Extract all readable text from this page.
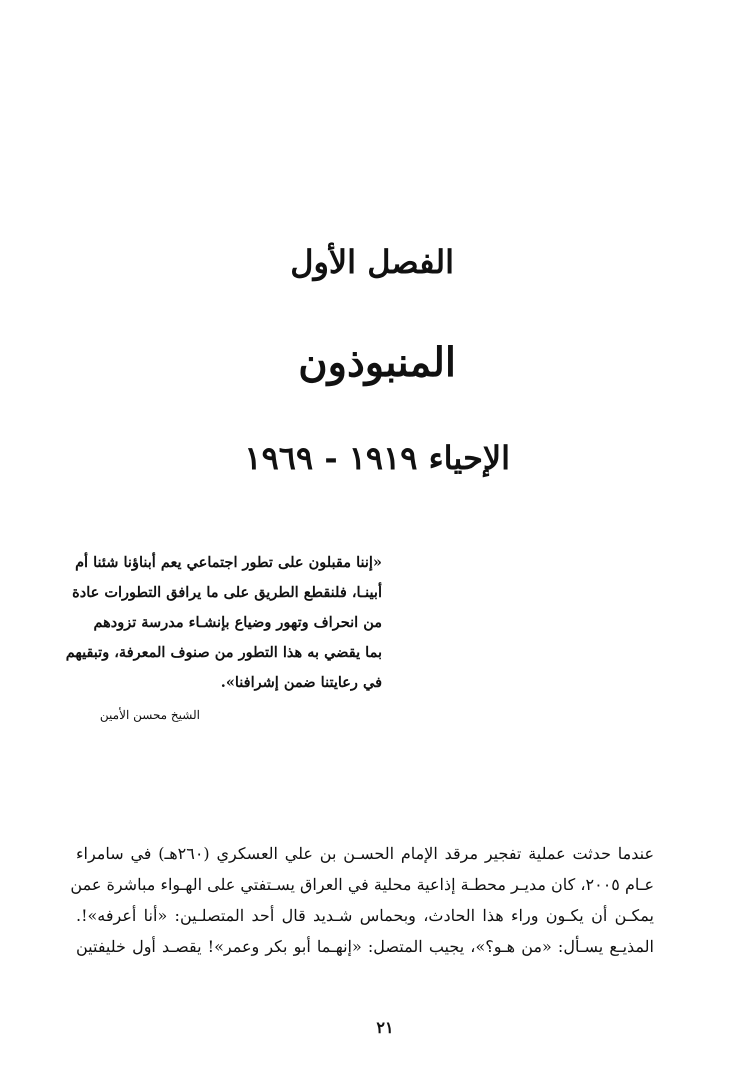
الفصل الأول
المنبوذون
الإحياء ١٩١٩ - ١٩٦٩
«إننا مقبلون على تطور اجتماعي يعم أبناؤنا شئنا أم
أبينـا، فلنقطع الطريق على ما يرافق التطورات عادة
من انحراف وتهور وضياع بإنشـاء مدرسة تزودهم
بما يقضي به هذا التطور من صنوف المعرفة، وتبقيهم
في رعايتنا ضمن إشرافنا».
الشيخ محسن الأمين
عندما حدثت عملية تفجير مرقد الإمام الحسـن بن علي العسكري (٢٦٠هـ) في سامراء
عـام ٢٠٠٥، كان مديـر محطـة إذاعية محلية في العراق يسـتفتي على الهـواء مباشرة عمن
يمكـن أن يكـون وراء هذا الحادث، وبحماس شـديد قال أحد المتصلـين: «أنا أعرفه»!.
المذيـع يسـأل: «من هـو؟»، يجيب المتصل: «إنهـما أبو بكر وعمر»! يقصـد أول خليفتين
٢١
